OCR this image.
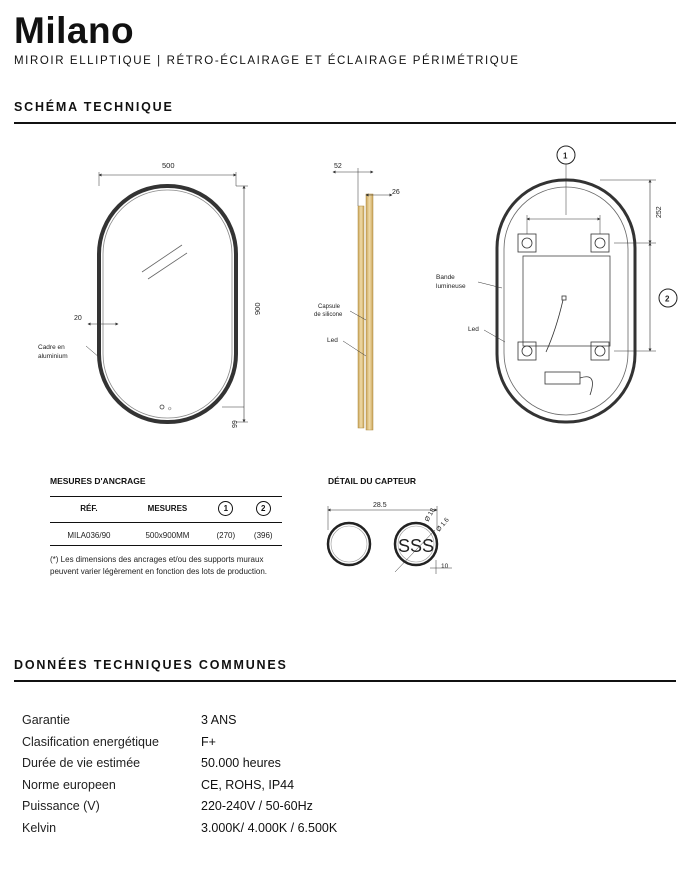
Milano
MIROIR ELLIPTIQUE | RÉTRO-ÉCLAIRAGE ET ÉCLAIRAGE PÉRIMÉTRIQUE
SCHÉMA TECHNIQUE
☼
500
900
99
20
Cadre en
aluminium
52
26
Capsule
de silicone
Led
1
252
2
Bande
lumineuse
Led
SSS
28.5
Ø 18
Ø 1.6
10
MESURES D'ANCRAGE
RÉF.	MESURES	1	2
MILA036/90	500x900MM	(270)	(396)
(*) Les dimensions des ancrages et/ou des supports muraux peuvent varier légèrement en fonction des lots de production.
DÉTAIL DU CAPTEUR
DONNÉES TECHNIQUES COMMUNES
Garantie	3 ANS
Clasification energétique	F+
Durée de vie estimée	50.000 heures
Norme europeen	CE, ROHS, IP44
Puissance (V)	220-240V / 50-60Hz
Kelvin	3.000K/ 4.000K / 6.500K
